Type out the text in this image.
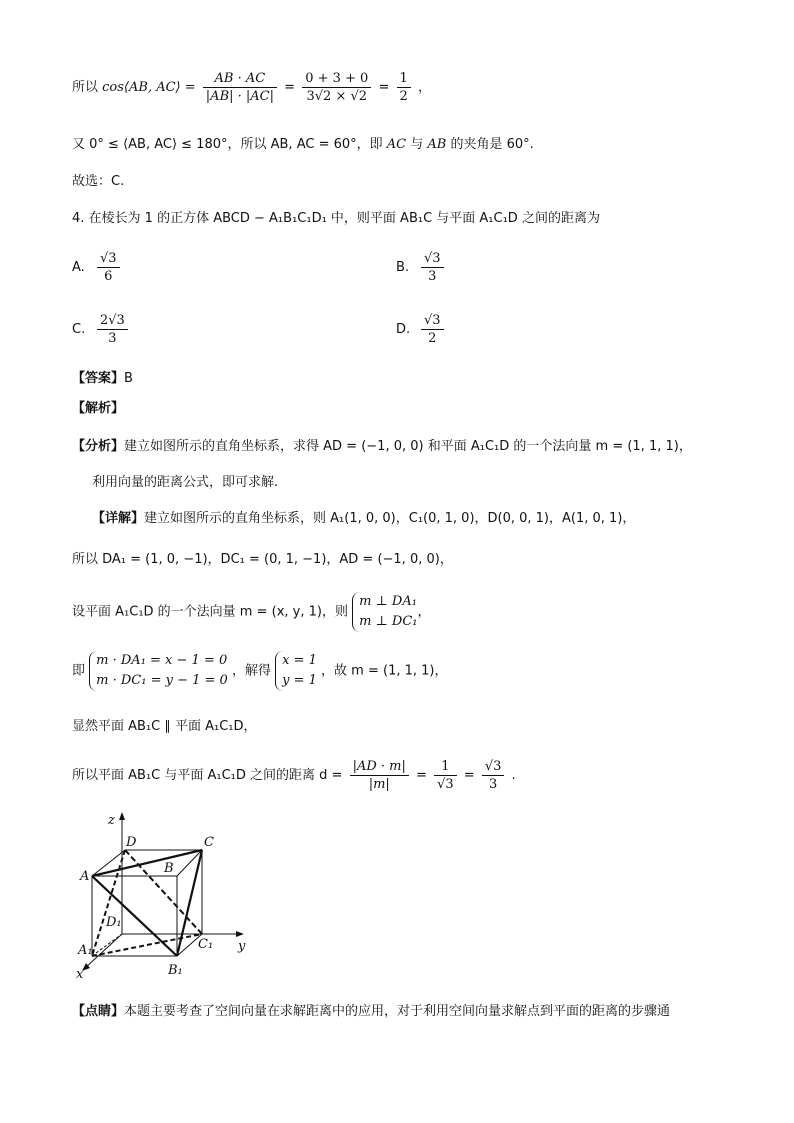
所以 cos⟨AB, AC⟩ = $\frac{AB \cdot AC}{|AB| \cdot |AC|} = \frac{0 + 3 + 0}{3√2 \times √2} = \frac{1}{2}$ ，
又 0° ≤ ⟨AB, AC⟩ ≤ 180°，所以 AB, AC = 60°，即 AC 与 AB 的夹角是 60°.
故选：C.
4. 在棱长为 1 的正方体 ABCD − A₁B₁C₁D₁ 中，则平面 AB₁C 与平面 A₁C₁D 之间的距离为
A. $\frac{√3}{6}$	B. $\frac{√3}{3}$
C. $\frac{2√3}{3}$	D. $\frac{√3}{2}$
【答案】B
【解析】
【分析】建立如图所示的直角坐标系，求得 AD = (−1, 0, 0) 和平面 A₁C₁D 的一个法向量 m = (1, 1, 1)，
利用向量的距离公式，即可求解.
【详解】建立如图所示的直角坐标系，则 A₁(1, 0, 0)，C₁(0, 1, 0)，D(0, 0, 1)，A(1, 0, 1)，
所以 DA₁ = (1, 0, −1)，DC₁ = (0, 1, −1)，AD = (−1, 0, 0)，
设平面 A₁C₁D 的一个法向量 m = (x, y, 1)，则
m ⊥ DA₁
m ⊥ DC₁
，
即
m · DA₁ = x − 1 = 0
m · DC₁ = y − 1 = 0
，解得
x = 1
y = 1
，故 m = (1, 1, 1)，
显然平面 AB₁C ∥ 平面 A₁C₁D，
所以平面 AB₁C 与平面 A₁C₁D 之间的距离 $d = \frac{|AD \cdot m|}{|m|} = \frac{1}{√3} = \frac{√3}{3}$ .
z
y
x
D	C
B
A
D₁
A₁	C₁
B₁
【点睛】本题主要考查了空间向量在求解距离中的应用，对于利用空间向量求解点到平面的距离的步骤通
